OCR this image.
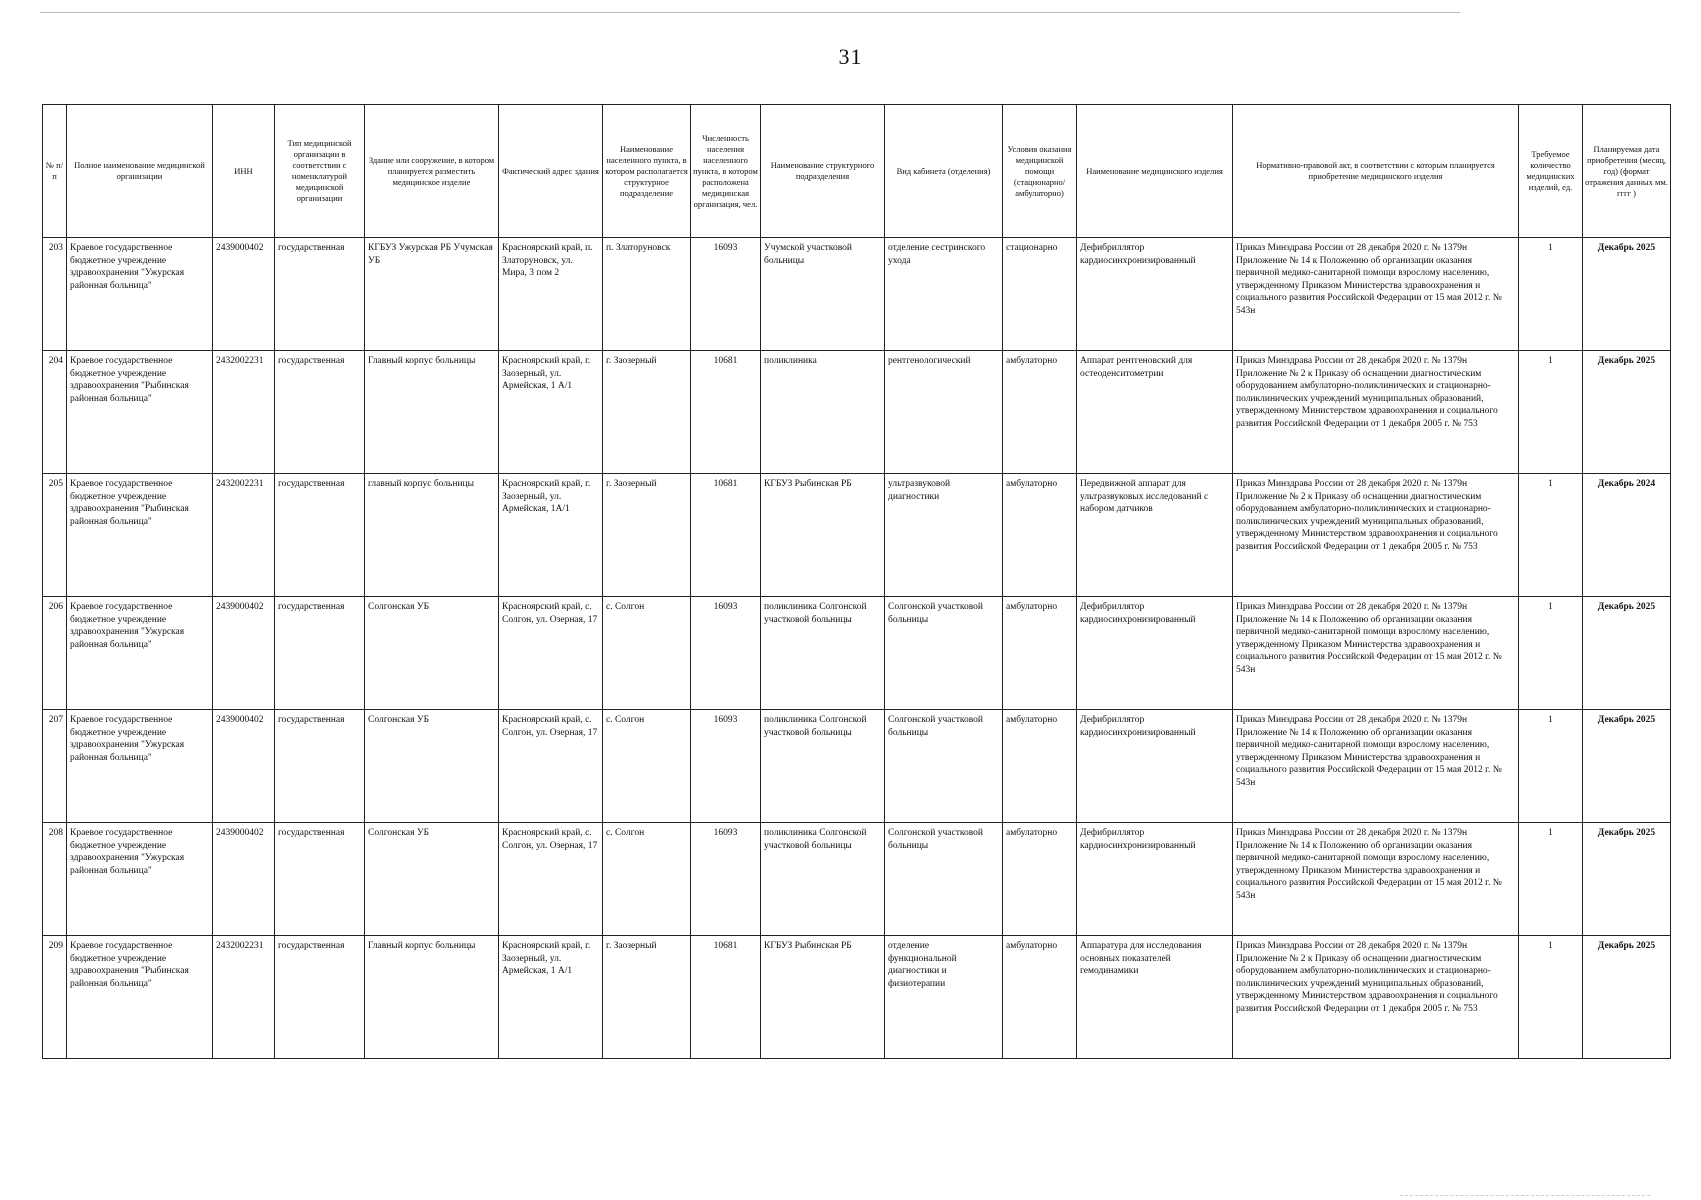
31
№ п/п	Полное наименование медицинской организации	ИНН	Тип медицинской организации в соответствии с номенклатурой медицинской организации	Здание или сооружение, в котором планируется разместить медицинское изделие	Фактический адрес здания	Наименование населенного пункта, в котором располагается структурное подразделение	Численность населения населенного пункта, в котором расположена медицинская организация, чел.	Наименование структурного подразделения	Вид кабинета (отделения)	Условия оказания медицинской помощи (стационарно/ амбулаторно)	Наименование медицинского изделия	Нормативно-правовой акт, в соответствии с которым планируется приобретение медицинского изделия	Требуемое количество медицинских изделий, ед.	Планируемая дата приобретения (месяц, год) (формат отражения данных мм. гггг )
203	Краевое государственное бюджетное учреждение здравоохранения "Ужурская районная больница"	2439000402	государственная	КГБУЗ Ужурская РБ Учумская УБ	Красноярский край, п. Златоруновск, ул. Мира, 3 пом 2	п. Златоруновск	16093	Учумской участковой больницы	отделение сестринского ухода	стационарно	Дефибриллятор кардиосинхронизированный	Приказ Минздрава России от 28 декабря 2020 г. № 1379н Приложение № 14 к Положению об организации оказания первичной медико-санитарной помощи взрослому населению, утвержденному Приказом Министерства здравоохранения и социального развития Российской Федерации от 15 мая 2012 г. № 543н	1	Декабрь 2025
204	Краевое государственное бюджетное учреждение здравоохранения "Рыбинская районная больница"	2432002231	государственная	Главный корпус больницы	Красноярский край, г. Заозерный, ул. Армейская, 1 А/1	г. Заозерный	10681	поликлиника	рентгенологический	амбулаторно	Аппарат рентгеновский для остеоденситометрии	Приказ Минздрава России от 28 декабря 2020 г. № 1379н Приложение № 2 к Приказу об оснащении диагностическим оборудованием амбулаторно-поликлинических и стационарно-поликлинических учреждений муниципальных образований, утвержденному Министерством здравоохранения и социального развития Российской Федерации от 1 декабря 2005 г. № 753	1	Декабрь 2025
205	Краевое государственное бюджетное учреждение здравоохранения "Рыбинская районная больница"	2432002231	государственная	главный корпус больницы	Красноярский край, г. Заозерный, ул. Армейская, 1А/1	г. Заозерный	10681	КГБУЗ Рыбинская РБ	ультразвуковой диагностики	амбулаторно	Передвижной аппарат для ультразвуковых исследований с набором датчиков	Приказ Минздрава России от 28 декабря 2020 г. № 1379н Приложение № 2 к Приказу об оснащении диагностическим оборудованием амбулаторно-поликлинических и стационарно-поликлинических учреждений муниципальных образований, утвержденному Министерством здравоохранения и социального развития Российской Федерации от 1 декабря 2005 г. № 753	1	Декабрь 2024
206	Краевое государственное бюджетное учреждение здравоохранения "Ужурская районная больница"	2439000402	государственная	Солгонская УБ	Красноярский край, с. Солгон, ул. Озерная, 17	с. Солгон	16093	поликлиника Солгонской участковой больницы	Солгонской участковой больницы	амбулаторно	Дефибриллятор кардиосинхронизированный	Приказ Минздрава России от 28 декабря 2020 г. № 1379н Приложение № 14 к Положению об организации оказания первичной медико-санитарной помощи взрослому населению, утвержденному Приказом Министерства здравоохранения и социального развития Российской Федерации от 15 мая 2012 г. № 543н	1	Декабрь 2025
207	Краевое государственное бюджетное учреждение здравоохранения "Ужурская районная больница"	2439000402	государственная	Солгонская УБ	Красноярский край, с. Солгон, ул. Озерная, 17	с. Солгон	16093	поликлиника Солгонской участковой больницы	Солгонской участковой больницы	амбулаторно	Дефибриллятор кардиосинхронизированный	Приказ Минздрава России от 28 декабря 2020 г. № 1379н Приложение № 14 к Положению об организации оказания первичной медико-санитарной помощи взрослому населению, утвержденному Приказом Министерства здравоохранения и социального развития Российской Федерации от 15 мая 2012 г. № 543н	1	Декабрь 2025
208	Краевое государственное бюджетное учреждение здравоохранения "Ужурская районная больница"	2439000402	государственная	Солгонская УБ	Красноярский край, с. Солгон, ул. Озерная, 17	с. Солгон	16093	поликлиника Солгонской участковой больницы	Солгонской участковой больницы	амбулаторно	Дефибриллятор кардиосинхронизированный	Приказ Минздрава России от 28 декабря 2020 г. № 1379н Приложение № 14 к Положению об организации оказания первичной медико-санитарной помощи взрослому населению, утвержденному Приказом Министерства здравоохранения и социального развития Российской Федерации от 15 мая 2012 г. № 543н	1	Декабрь 2025
209	Краевое государственное бюджетное учреждение здравоохранения "Рыбинская районная больница"	2432002231	государственная	Главный корпус больницы	Красноярский край, г. Заозерный, ул. Армейская, 1 А/1	г. Заозерный	10681	КГБУЗ Рыбинская РБ	отделение функциональной диагностики и физиотерапии	амбулаторно	Аппаратура для исследования основных показателей гемодинамики	Приказ Минздрава России от 28 декабря 2020 г. № 1379н Приложение № 2 к Приказу об оснащении диагностическим оборудованием амбулаторно-поликлинических и стационарно-поликлинических учреждений муниципальных образований, утвержденному Министерством здравоохранения и социального развития Российской Федерации от 1 декабря 2005 г. № 753	1	Декабрь 2025
